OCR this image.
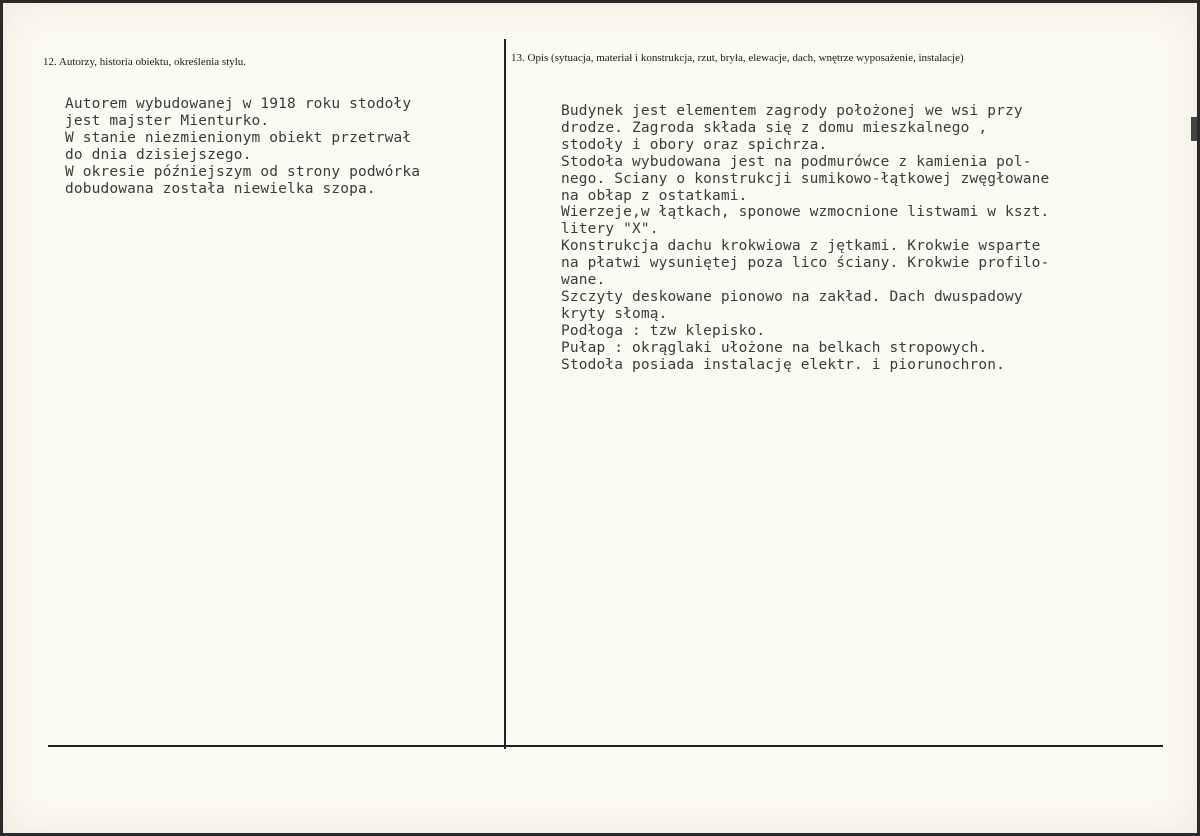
12. Autorzy, historia obiektu, określenia stylu.	13. Opis (sytuacja, materiał i konstrukcja, rzut, bryła, elewacje, dach, wnętrze wyposażenie, instalacje)
Autorem wybudowanej w 1918 roku stodoły
jest majster Mienturko.
W stanie niezmienionym obiekt przetrwał
do dnia dzisiejszego.
W okresie późniejszym od strony podwórka
dobudowana została niewielka szopa.
Budynek jest elementem zagrody położonej we wsi przy
drodze. Zagroda składa się z domu mieszkalnego ,
stodoły i obory oraz spichrza.
Stodoła wybudowana jest na podmurówce z kamienia pol-
nego. Sciany o konstrukcji sumikowo-łątkowej zwęgłowane
na obłap z ostatkami.
Wierzeje,w łątkach, sponowe wzmocnione listwami w kszt.
litery "X".
Konstrukcja dachu krokwiowa z jętkami. Krokwie wsparte
na płatwi wysuniętej poza lico ściany. Krokwie profilo-
wane.
Szczyty deskowane pionowo na zakład. Dach dwuspadowy
kryty słomą.
Podłoga : tzw klepisko.
Pułap : okrąglaki ułożone na belkach stropowych.
Stodoła posiada instalację elektr. i piorunochron.
